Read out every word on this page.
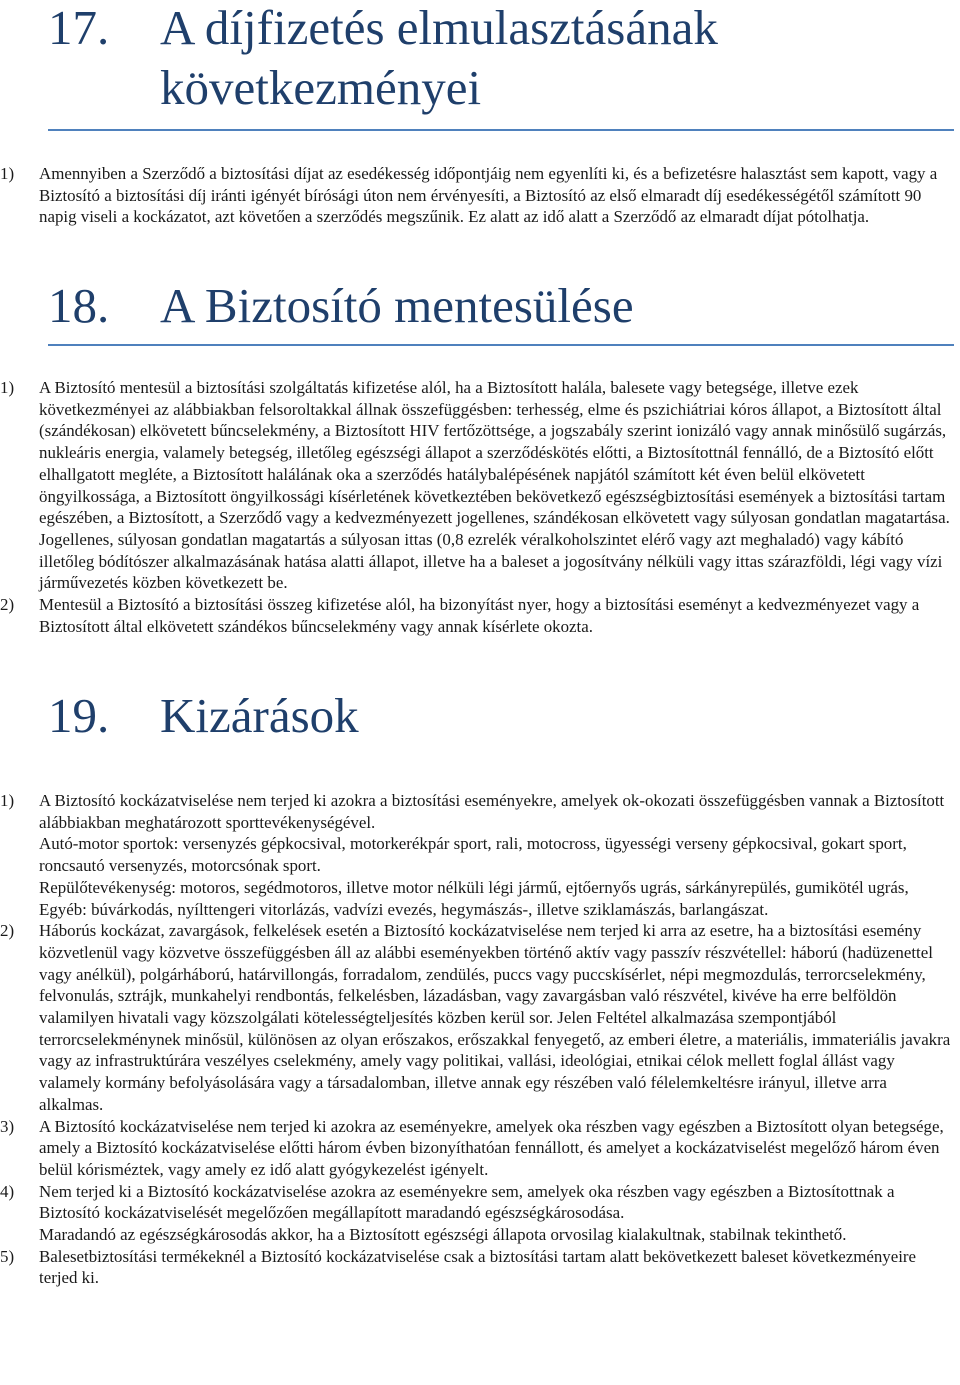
17.	A díjfizetés elmulasztásának következményei
1) Amennyiben a Szerződő a biztosítási díjat az esedékesség időpontjáig nem egyenlíti ki, és a befizetésre halasztást sem kapott, vagy a Biztosító a biztosítási díj iránti igényét bírósági úton nem érvényesíti, a Biztosító az első elmaradt díj esedékességétől számított 90 napig viseli a kockázatot, azt követően a szerződés megszűnik. Ez alatt az idő alatt a Szerződő az elmaradt díjat pótolhatja.

18.	A Biztosító mentesülése
1) A Biztosító mentesül a biztosítási szolgáltatás kifizetése alól, ha a Biztosított halála, balesete vagy betegsége, illetve ezek következményei az alábbiakban felsoroltakkal állnak összefüggésben: terhesség, elme és pszichiátriai kóros állapot, a Biztosított által (szándékosan) elkövetett bűncselekmény, a Biztosított HIV fertőzöttsége, a jogszabály szerint ionizáló vagy annak minősülő sugárzás, nukleáris energia, valamely betegség, illetőleg egészségi állapot a szerződéskötés előtti, a Biztosítottnál fennálló, de a Biztosító előtt elhallgatott megléte, a Biztosított halálának oka a szerződés hatálybalépésének napjától számított két éven belül elkövetett öngyilkossága, a Biztosított öngyilkossági kísérletének következtében bekövetkező egészségbiztosítási események a biztosítási tartam egészében, a Biztosított, a Szerződő vagy a kedvezményezett jogellenes, szándékosan elkövetett vagy súlyosan gondatlan magatartása. Jogellenes, súlyosan gondatlan magatartás a súlyosan ittas (0,8 ezrelék véralkoholszintet elérő vagy azt meghaladó) vagy kábító illetőleg bódítószer alkalmazásának hatása alatti állapot, illetve ha a baleset a jogosítvány nélküli vagy ittas szárazföldi, légi vagy vízi járművezetés közben következett be.

2) Mentesül a Biztosító a biztosítási összeg kifizetése alól, ha bizonyítást nyer, hogy a biztosítási eseményt a kedvezményezet vagy a Biztosított által elkövetett szándékos bűncselekmény vagy annak kísérlete okozta.

19.	Kizárások
1) A Biztosító kockázatviselése nem terjed ki azokra a biztosítási eseményekre, amelyek ok-okozati összefüggésben vannak a Biztosított alábbiakban meghatározott sporttevékenységével.

Autó-motor sportok: versenyzés gépkocsival, motorkerékpár sport, rali, motocross, ügyességi verseny gépkocsival, gokart sport, roncsautó versenyzés, motorcsónak sport.

Repülőtevékenység: motoros, segédmotoros, illetve motor nélküli légi jármű, ejtőernyős ugrás, sárkányrepülés, gumikötél ugrás,

Egyéb: búvárkodás, nyílttengeri vitorlázás, vadvízi evezés, hegymászás-, illetve sziklamászás, barlangászat.

2) Háborús kockázat, zavargások, felkelések esetén a Biztosító kockázatviselése nem terjed ki arra az esetre, ha a biztosítási esemény közvetlenül vagy közvetve összefüggésben áll az alábbi eseményekben történő aktív vagy passzív részvétellel: háború (hadüzenettel vagy anélkül), polgárháború, határvillongás, forradalom, zendülés, puccs vagy puccskísérlet, népi megmozdulás, terrorcselekmény, felvonulás, sztrájk, munkahelyi rendbontás, felkelésben, lázadásban, vagy zavargásban való részvétel, kivéve ha erre belföldön valamilyen hivatali vagy közszolgálati kötelességteljesítés közben kerül sor. Jelen Feltétel alkalmazása szempontjából terrorcselekménynek minősül, különösen az olyan erőszakos, erőszakkal fenyegető, az emberi életre, a materiális, immateriális javakra vagy az infrastruktúrára veszélyes cselekmény, amely vagy politikai, vallási, ideológiai, etnikai célok mellett foglal állást vagy valamely kormány befolyásolására vagy a társadalomban, illetve annak egy részében való félelemkeltésre irányul, illetve arra alkalmas.

3) A Biztosító kockázatviselése nem terjed ki azokra az eseményekre, amelyek oka részben vagy egészben a Biztosított olyan betegsége, amely a Biztosító kockázatviselése előtti három évben bizonyíthatóan fennállott, és amelyet a kockázatviselést megelőző három éven belül kórisméztek, vagy amely ez idő alatt gyógykezelést igényelt.

4) Nem terjed ki a Biztosító kockázatviselése azokra az eseményekre sem, amelyek oka részben vagy egészben a Biztosítottnak a Biztosító kockázatviselését megelőzően megállapított maradandó egészségkárosodása.

Maradandó az egészségkárosodás akkor, ha a Biztosított egészségi állapota orvosilag kialakultnak, stabilnak tekinthető.

5) Balesetbiztosítási termékeknél a Biztosító kockázatviselése csak a biztosítási tartam alatt bekövetkezett baleset következményeire terjed ki.
